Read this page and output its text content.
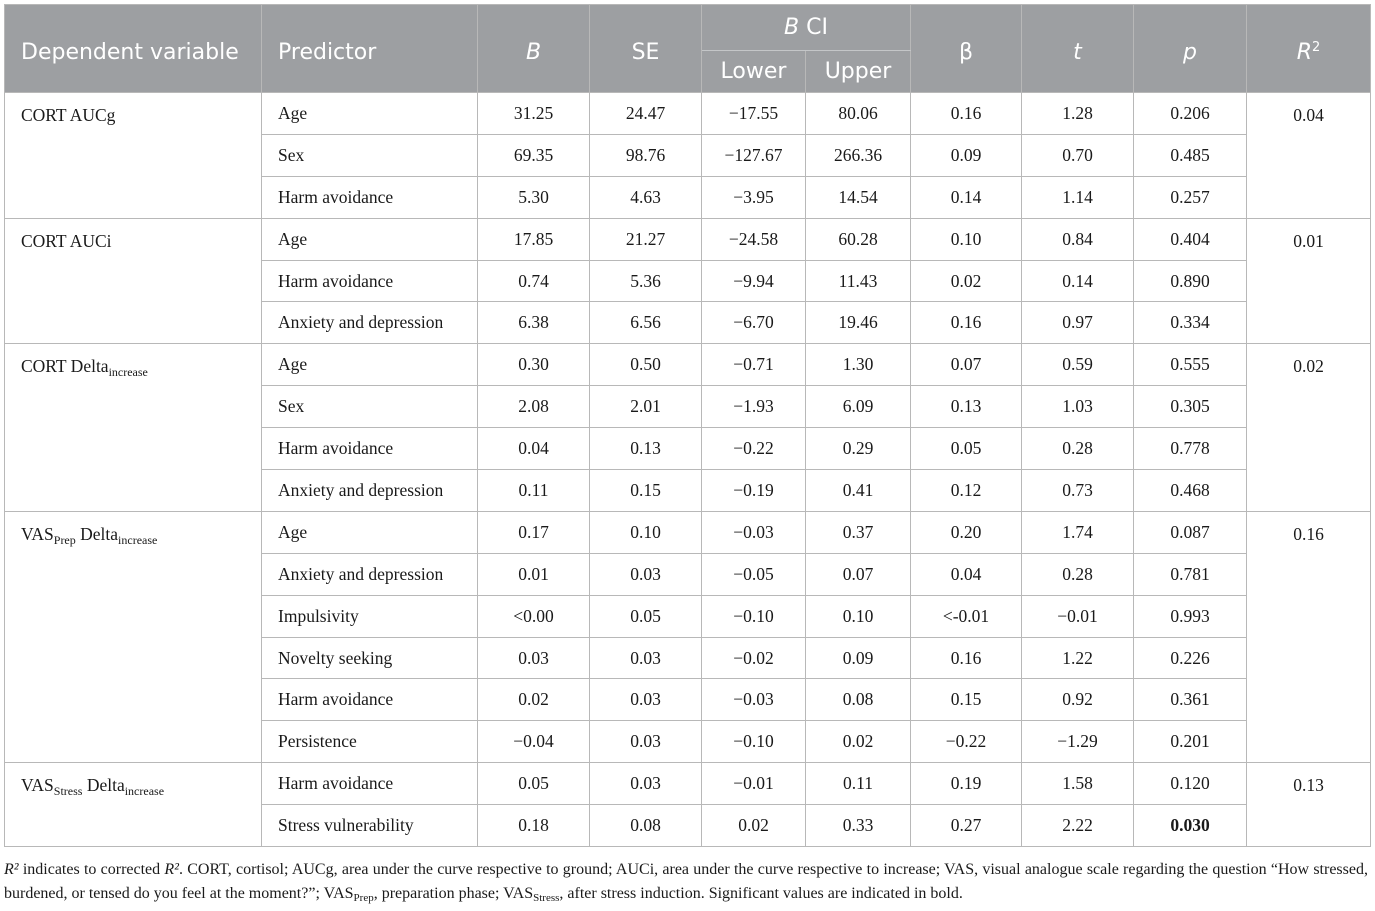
Dependent variable	Predictor	B	SE	B CI		β	t	p	$R^2$
				Lower	Upper				
CORT AUCg	Age	31.25	24.47	−17.55	80.06	0.16	1.28	0.206	0.04
	Sex	69.35	98.76	−127.67	266.36	0.09	0.70	0.485	
	Harm avoidance	5.30	4.63	−3.95	14.54	0.14	1.14	0.257	
CORT AUCi	Age	17.85	21.27	−24.58	60.28	0.10	0.84	0.404	0.01
	Harm avoidance	0.74	5.36	−9.94	11.43	0.02	0.14	0.890	
	Anxiety and depression	6.38	6.56	−6.70	19.46	0.16	0.97	0.334	
CORT Delta$_{increase}$	Age	0.30	0.50	−0.71	1.30	0.07	0.59	0.555	0.02
	Sex	2.08	2.01	−1.93	6.09	0.13	1.03	0.305	
	Harm avoidance	0.04	0.13	−0.22	0.29	0.05	0.28	0.778	
	Anxiety and depression	0.11	0.15	−0.19	0.41	0.12	0.73	0.468	
$VAS_{Prep}$ Delta$_{increase}$	Age	0.17	0.10	−0.03	0.37	0.20	1.74	0.087	0.16
	Anxiety and depression	0.01	0.03	−0.05	0.07	0.04	0.28	0.781	
	Impulsivity	<0.00	0.05	−0.10	0.10	<-0.01	−0.01	0.993	
	Novelty seeking	0.03	0.03	−0.02	0.09	0.16	1.22	0.226	
	Harm avoidance	0.02	0.03	−0.03	0.08	0.15	0.92	0.361	
	Persistence	−0.04	0.03	−0.10	0.02	−0.22	−1.29	0.201	
$VAS_{Stress}$ Delta$_{increase}$	Harm avoidance	0.05	0.03	−0.01	0.11	0.19	1.58	0.120	0.13
	Stress vulnerability	0.18	0.08	0.02	0.33	0.27	2.22	0.030	
R² indicates to corrected R². CORT, cortisol; AUCg, area under the curve respective to ground; AUCi, area under the curve respective to increase; VAS, visual analogue scale regarding the question “How stressed, burdened, or tensed do you feel at the moment?”; $VAS_{Prep}$, preparation phase; $VAS_{Stress}$, after stress induction. Significant values are indicated in bold.
